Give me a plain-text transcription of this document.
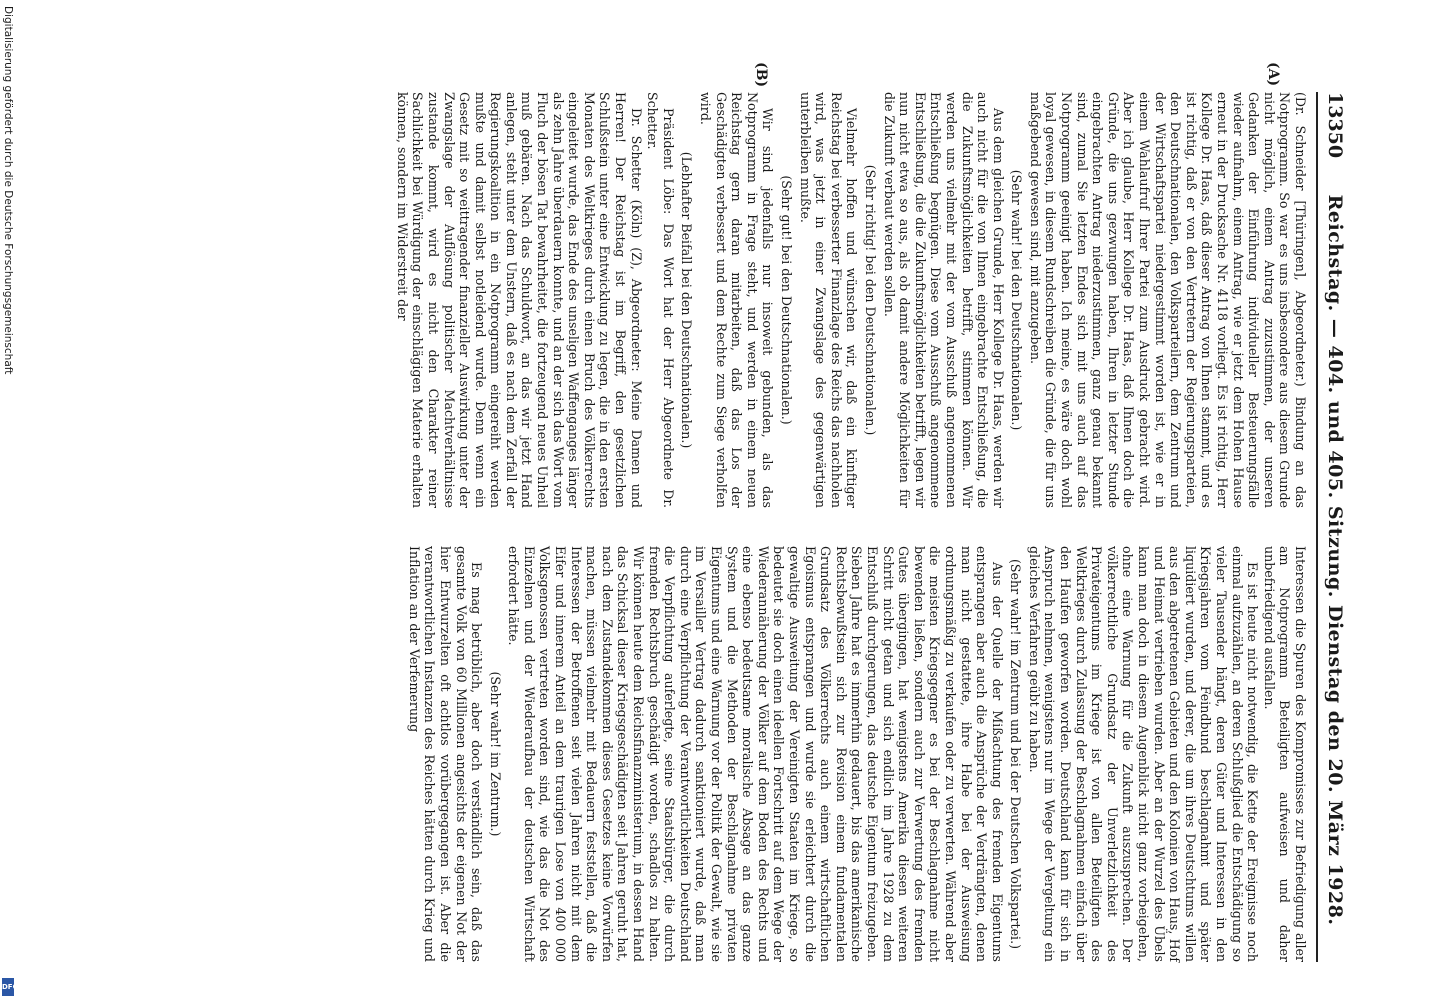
Digitalisierung gefördert durch die Deutsche Forschungsgemeinschaft
DFG
13350
Reichstag. — 404. und 405. Sitzung. Dienstag den 20. März 1928.
(A)
(B)

(Dr. Schneider [Thüringen], Abgeordneter.) Bindung an das Notprogramm. So war es uns insbesondere aus diesem Grunde nicht möglich, einem Antrag zuzustimmen, der unseren Gedanken der Einführung individueller Besteuerungsfälle wieder aufnahm, einem Antrag, wie er jetzt dem Hohen Hause erneut in der Drucksache Nr. 4118 vorliegt. Es ist richtig, Herr Kollege Dr. Haas, daß dieser Antrag von Ihnen stammt, und es ist richtig, daß er von den Vertretern der Regierungsparteien, den Deutschnationalen, den Volksparteilern, dem Zentrum und der Wirtschaftspartei niedergestimmt worden ist, wie er in einem Wahlaufruf Ihrer Partei zum Ausdruck gebracht wird. Aber ich glaube, Herr Kollege Dr. Haas, daß Ihnen doch die Gründe, die uns gezwungen haben, Ihren in letzter Stunde eingebrachten Antrag niederzustimmen, ganz genau bekannt sind, zumal Sie letzten Endes sich mit uns auch auf das Notprogramm geeinigt haben. Ich meine, es wäre doch wohl loyal gewesen, in diesem Rundschreiben die Gründe, die für uns maßgebend gewesen sind, mit anzugeben.

(Sehr wahr! bei den Deutschnationalen.)

Aus dem gleichen Grunde, Herr Kollege Dr. Haas, werden wir auch nicht für die von Ihnen eingebrachte Entschließung, die die Zukunftsmöglichkeiten betrifft, stimmen können. Wir werden uns vielmehr mit der vom Ausschuß angenommenen Entschließung begnügen. Diese vom Ausschuß angenommene Entschließung, die die Zukunftsmöglichkeiten betrifft, legen wir nun nicht etwa so aus, als ob damit andere Möglichkeiten für die Zukunft verbaut werden sollen.

(Sehr richtig! bei den Deutschnationalen.)

Vielmehr hoffen und wünschen wir, daß ein künftiger Reichstag bei verbesserter Finanzlage des Reichs das nachholen wird, was jetzt in einer Zwangslage des gegenwärtigen unterbleiben mußte.

(Sehr gut! bei den Deutschnationalen.)

Wir sind jedenfalls nur insoweit gebunden, als das Notprogramm in Frage steht, und werden in einem neuen Reichstag gern daran mitarbeiten, daß das Los der Geschädigten verbessert und dem Rechte zum Siege verholfen wird.

(Lebhafter Beifall bei den Deutschnationalen.)

Präsident Löbe: Das Wort hat der Herr Abgeordnete Dr. Schetter.

Dr. Schetter (Köln) (Z), Abgeordneter: Meine Damen und Herren! Der Reichstag ist im Begriff, den gesetzlichen Schlußstein unter eine Entwicklung zu legen, die in den ersten Monaten des Weltkrieges durch einen Bruch des Völkerrechts eingeleitet wurde, das Ende des unseligen Waffenganges länger als zehn Jahre überdauern konnte, und an der sich das Wort vom Fluch der bösen Tat bewahrheitet, die fortzeugend neues Unheil muß gebären. Nach das Schuldwort, an das wir jetzt Hand anlegen, steht unter dem Unstern, daß es nach dem Zerfall der Regierungskoalition in ein Notprogramm eingereiht werden mußte und damit selbst notleidend wurde. Denn wenn ein Gesetz mit so weittragender finanzieller Auswirkung unter der Zwangslage der Auflösung politischer Machtverhältnisse zustande kommt, wird es nicht den Charakter reiner Sachlichkeit bei Würdigung der einschlägigen Materie erhalten können, sondern im Widerstreit der

Interessen die Spuren des Kompromisses zur Befriedigung aller am Notprogramm Beteiligten aufweisen und daher unbefriedigend ausfallen.

Es ist heute nicht notwendig, die Kette der Ereignisse noch einmal aufzuzählen, an deren Schlußglied die Entschädigung so vieler Tausender hängt, deren Güter und Interessen in den Kriegsjahren vom Feindbund beschlagnahmt und später liquidiert wurden, und derer, die um ihres Deutschtums willen aus den abgetretenen Gebieten und den Kolonien von Haus, Hof und Heimat vertrieben wurden. Aber an der Wurzel des Übels kann man doch in diesem Augenblick nicht ganz vorbeigehen, ohne eine Warnung für die Zukunft auszusprechen. Der völkerrechtliche Grundsatz der Unverletzlichkeit des Privateigentums im Kriege ist von allen Beteiligten des Weltkrieges durch Zulassung der Beschlagnahmen einfach über den Haufen geworfen worden. Deutschland kann für sich in Anspruch nehmen, wenigstens nur im Wege der Vergeltung ein gleiches Verfahren geübt zu haben.

(Sehr wahr! im Zentrum und bei der Deutschen Volkspartei.)

Aus der Quelle der Mißachtung des fremden Eigentums entsprangen aber auch die Ansprüche der Verdrängten, denen man nicht gestattete, ihre Habe bei der Ausweisung ordnungsmäßig zu verkaufen oder zu verwerten. Während aber die meisten Kriegsgegner es bei der Beschlagnahme nicht bewenden ließen, sondern auch zur Verwertung des fremden Gutes übergingen, hat wenigstens Amerika diesen weiteren Schritt nicht getan und sich endlich im Jahre 1928 zu dem Entschluß durchgerungen, das deutsche Eigentum freizugeben. Sieben Jahre hat es immerhin gedauert, bis das amerikanische Rechtsbewußtsein sich zur Revision einem fundamentalen Grundsatz des Völkerrechts auch einem wirtschaftlichen Egoismus entsprangen und wurde sie erleichtert durch die gewaltige Ausweitung der Vereinigten Staaten im Kriege, so bedeutet sie doch einen ideellen Fortschritt auf dem Wege der Wiederannäherung der Völker auf dem Boden des Rechts und eine ebenso bedeutsame moralische Absage an das ganze System und die Methoden der Beschlagnahme privaten Eigentums und eine Warnung vor der Politik der Gewalt, wie sie im Versailler Vertrag dadurch sanktioniert wurde, daß man durch eine Verpflichtung der Verantwortlichkeiten Deutschland die Verpflichtung auferlegte, seine Staatsbürger, die durch fremden Rechtsbruch geschädigt worden, schadlos zu halten. Wir können heute dem Reichsfinanzministerium, in dessen Hand das Schicksal dieser Kriegsgeschädigten seit Jahren geruht hat, nach dem Zustandekommen dieses Gesetzes keine Vorwürfen machen, müssen vielmehr mit Bedauern feststellen, daß die Interessen der Betroffenen seit vielen Jahren nicht mit dem Eifer und innerem Anteil an dem traurigen Lose von 400 000 Volksgenossen vertreten worden sind, wie das die Not des Einzelnen und der Wiederaufbau der deutschen Wirtschaft erfordert hätte.

(Sehr wahr! im Zentrum.)

Es mag betrüblich, aber doch verständlich sein, daß das gesamte Volk von 60 Millionen angesichts der eigenen Not der hier Entwurzelten oft achtlos vorübergegangen ist. Aber die verantwortlichen Instanzen des Reiches hätten durch Krieg und Inflation an der Verfemerung
